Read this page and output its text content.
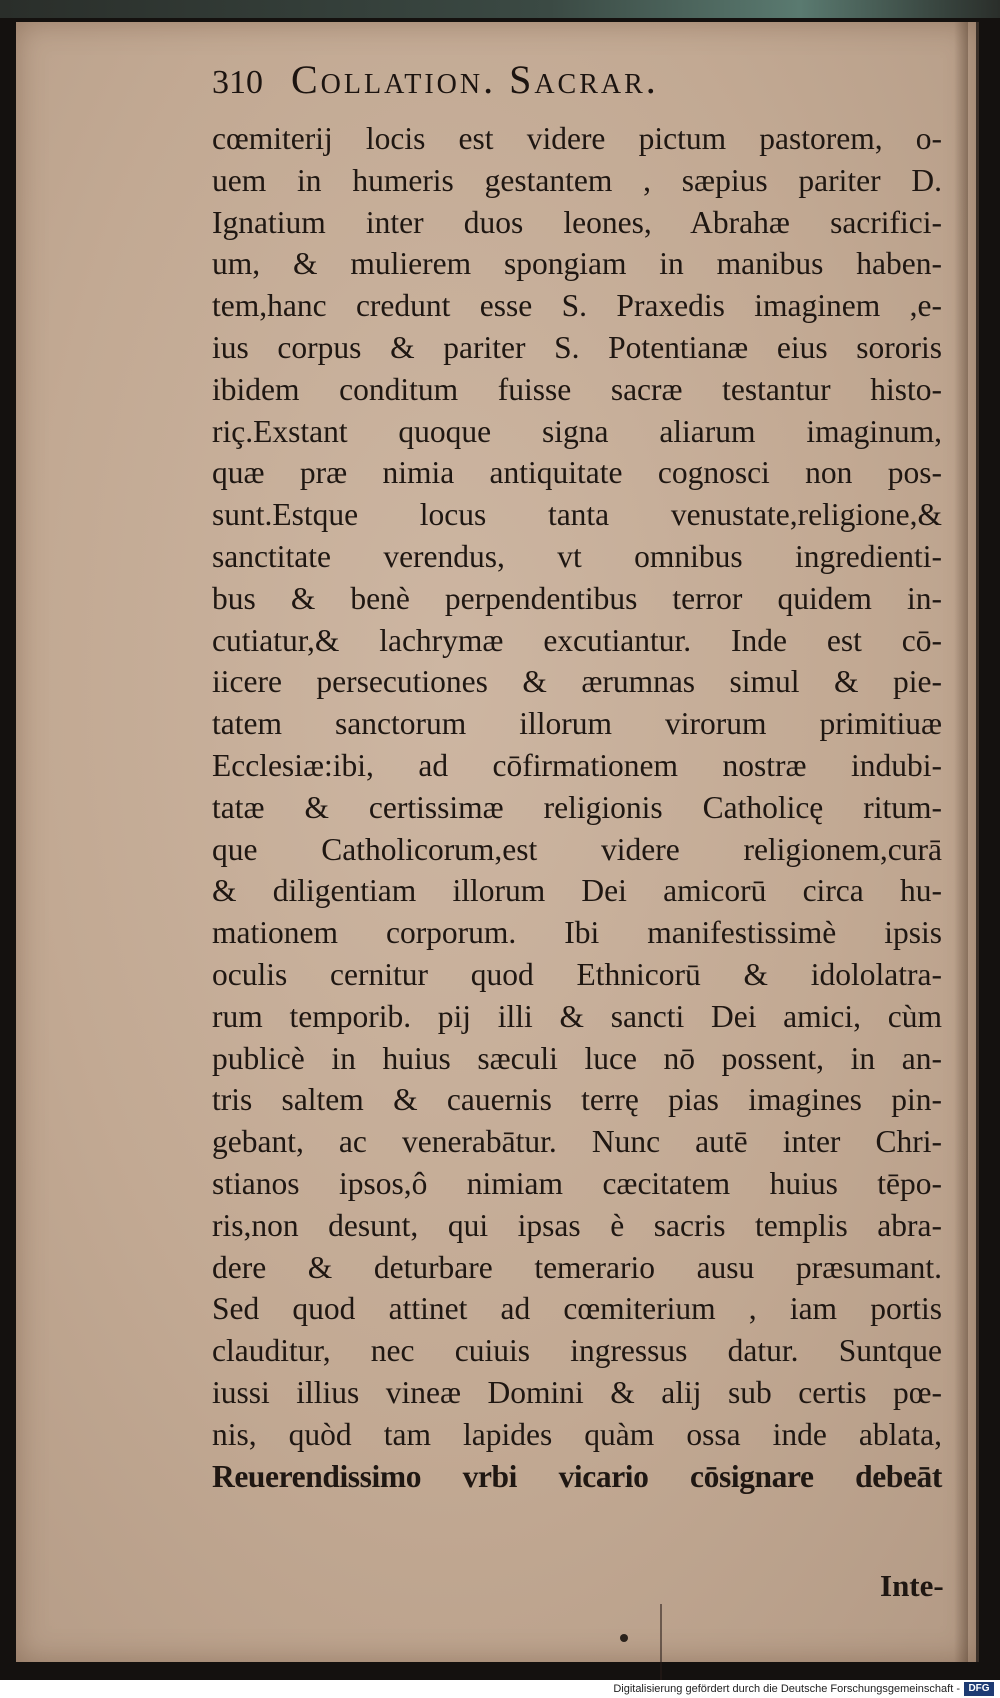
310 Collation. Sacrar.
cœmiterij locis est videre pictum pastorem, o-
uem in humeris gestantem , sæpius pariter D.
Ignatium inter duos leones, Abrahæ sacrifici-
um, & mulierem spongiam in manibus haben-
tem,hanc credunt esse S. Praxedis imaginem ,e-
ius corpus & pariter S. Potentianæ eius sororis
ibidem conditum fuisse sacræ testantur histo-
riç.Exstant quoque signa aliarum imaginum,
quæ præ nimia antiquitate cognosci non pos-
sunt.Estque locus tanta venustate,religione,&
sanctitate verendus, vt omnibus ingredienti-
bus & benè perpendentibus terror quidem in-
cutiatur,& lachrymæ excutiantur. Inde est cō-
iicere persecutiones & ærumnas simul & pie-
tatem sanctorum illorum virorum primitiuæ
Ecclesiæ:ibi, ad cōfirmationem nostræ indubi-
tatæ & certissimæ religionis Catholicę ritum-
que Catholicorum,est videre religionem,curā
& diligentiam illorum Dei amicorū circa hu-
mationem corporum. Ibi manifestissimè ipsis
oculis cernitur quod Ethnicorū & idololatra-
rum temporib. pij illi & sancti Dei amici, cùm
publicè in huius sæculi luce nō possent, in an-
tris saltem & cauernis terrę pias imagines pin-
gebant, ac venerabātur. Nunc autē inter Chri-
stianos ipsos,ô nimiam cæcitatem huius tēpo-
ris,non desunt, qui ipsas è sacris templis abra-
dere & deturbare temerario ausu præsumant.
Sed quod attinet ad cœmiterium , iam portis
clauditur, nec cuiuis ingressus datur. Suntque
iussi illius vineæ Domini & alij sub certis pœ-
nis, quòd tam lapides quàm ossa inde ablata,
Reuerendissimo vrbi vicario cōsignare debeāt
Inte-
Digitalisierung gefördert durch die Deutsche Forschungsgemeinschaft - DFG
